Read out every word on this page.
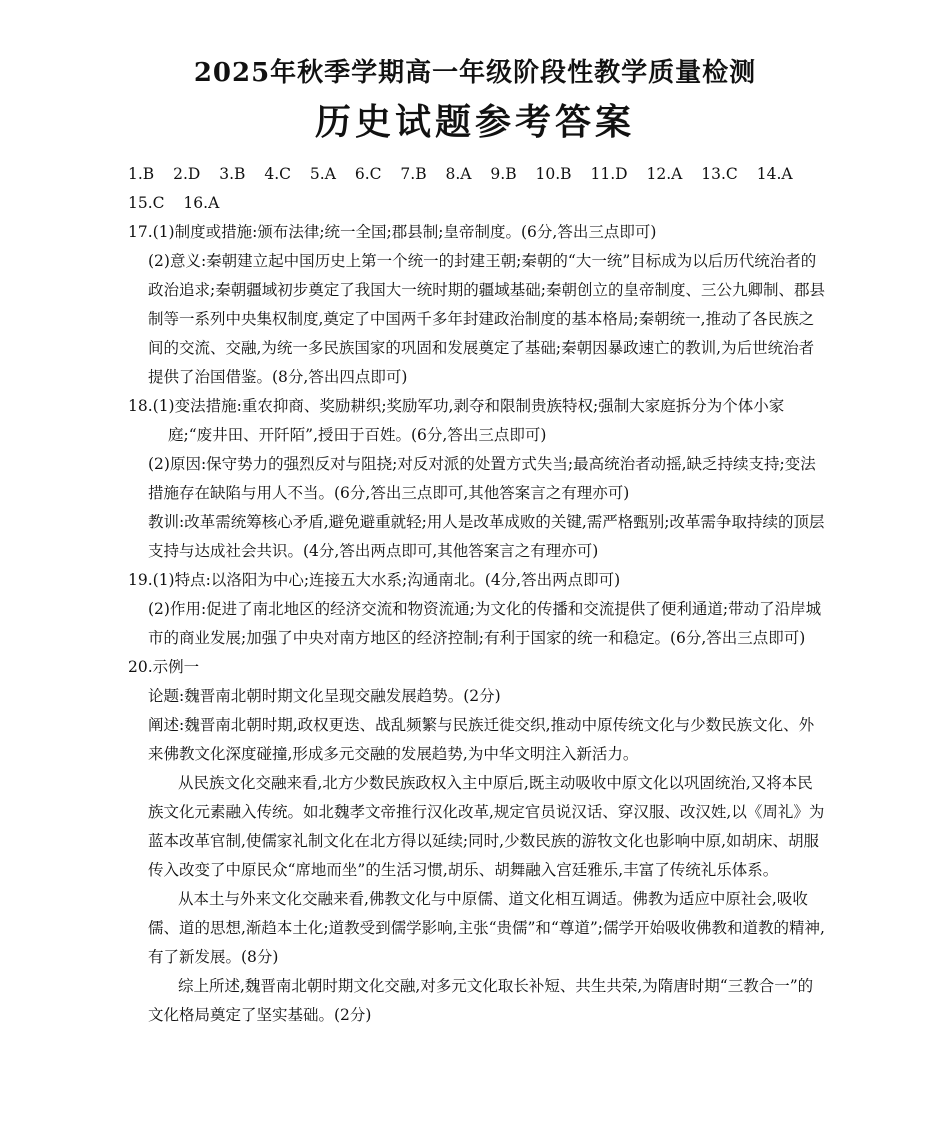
2025年秋季学期高一年级阶段性教学质量检测
历史试题参考答案
1.B 2.D 3.B 4.C 5.A 6.C 7.B 8.A 9.B 10.B 11.D 12.A 13.C 14.A
15.C 16.A
17.(1)制度或措施:颁布法律;统一全国;郡县制;皇帝制度。(6分,答出三点即可)
(2)意义:秦朝建立起中国历史上第一个统一的封建王朝;秦朝的“大一统”目标成为以后历代统治者的政治追求;秦朝疆域初步奠定了我国大一统时期的疆域基础;秦朝创立的皇帝制度、三公九卿制、郡县制等一系列中央集权制度,奠定了中国两千多年封建政治制度的基本格局;秦朝统一,推动了各民族之间的交流、交融,为统一多民族国家的巩固和发展奠定了基础;秦朝因暴政速亡的教训,为后世统治者提供了治国借鉴。(8分,答出四点即可)
18.(1)变法措施:重农抑商、奖励耕织;奖励军功,剥夺和限制贵族特权;强制大家庭拆分为个体小家庭;“废井田、开阡陌”,授田于百姓。(6分,答出三点即可)
(2)原因:保守势力的强烈反对与阻挠;对反对派的处置方式失当;最高统治者动摇,缺乏持续支持;变法措施存在缺陷与用人不当。(6分,答出三点即可,其他答案言之有理亦可)
教训:改革需统筹核心矛盾,避免避重就轻;用人是改革成败的关键,需严格甄别;改革需争取持续的顶层支持与达成社会共识。(4分,答出两点即可,其他答案言之有理亦可)
19.(1)特点:以洛阳为中心;连接五大水系;沟通南北。(4分,答出两点即可)
(2)作用:促进了南北地区的经济交流和物资流通;为文化的传播和交流提供了便利通道;带动了沿岸城市的商业发展;加强了中央对南方地区的经济控制;有利于国家的统一和稳定。(6分,答出三点即可)
20.示例一
论题:魏晋南北朝时期文化呈现交融发展趋势。(2分)
阐述:魏晋南北朝时期,政权更迭、战乱频繁与民族迁徙交织,推动中原传统文化与少数民族文化、外来佛教文化深度碰撞,形成多元交融的发展趋势,为中华文明注入新活力。
从民族文化交融来看,北方少数民族政权入主中原后,既主动吸收中原文化以巩固统治,又将本民族文化元素融入传统。如北魏孝文帝推行汉化改革,规定官员说汉话、穿汉服、改汉姓,以《周礼》为蓝本改革官制,使儒家礼制文化在北方得以延续;同时,少数民族的游牧文化也影响中原,如胡床、胡服传入改变了中原民众“席地而坐”的生活习惯,胡乐、胡舞融入宫廷雅乐,丰富了传统礼乐体系。
从本土与外来文化交融来看,佛教文化与中原儒、道文化相互调适。佛教为适应中原社会,吸收儒、道的思想,渐趋本土化;道教受到儒学影响,主张“贵儒”和“尊道”;儒学开始吸收佛教和道教的精神,有了新发展。(8分)
综上所述,魏晋南北朝时期文化交融,对多元文化取长补短、共生共荣,为隋唐时期“三教合一”的文化格局奠定了坚实基础。(2分)
